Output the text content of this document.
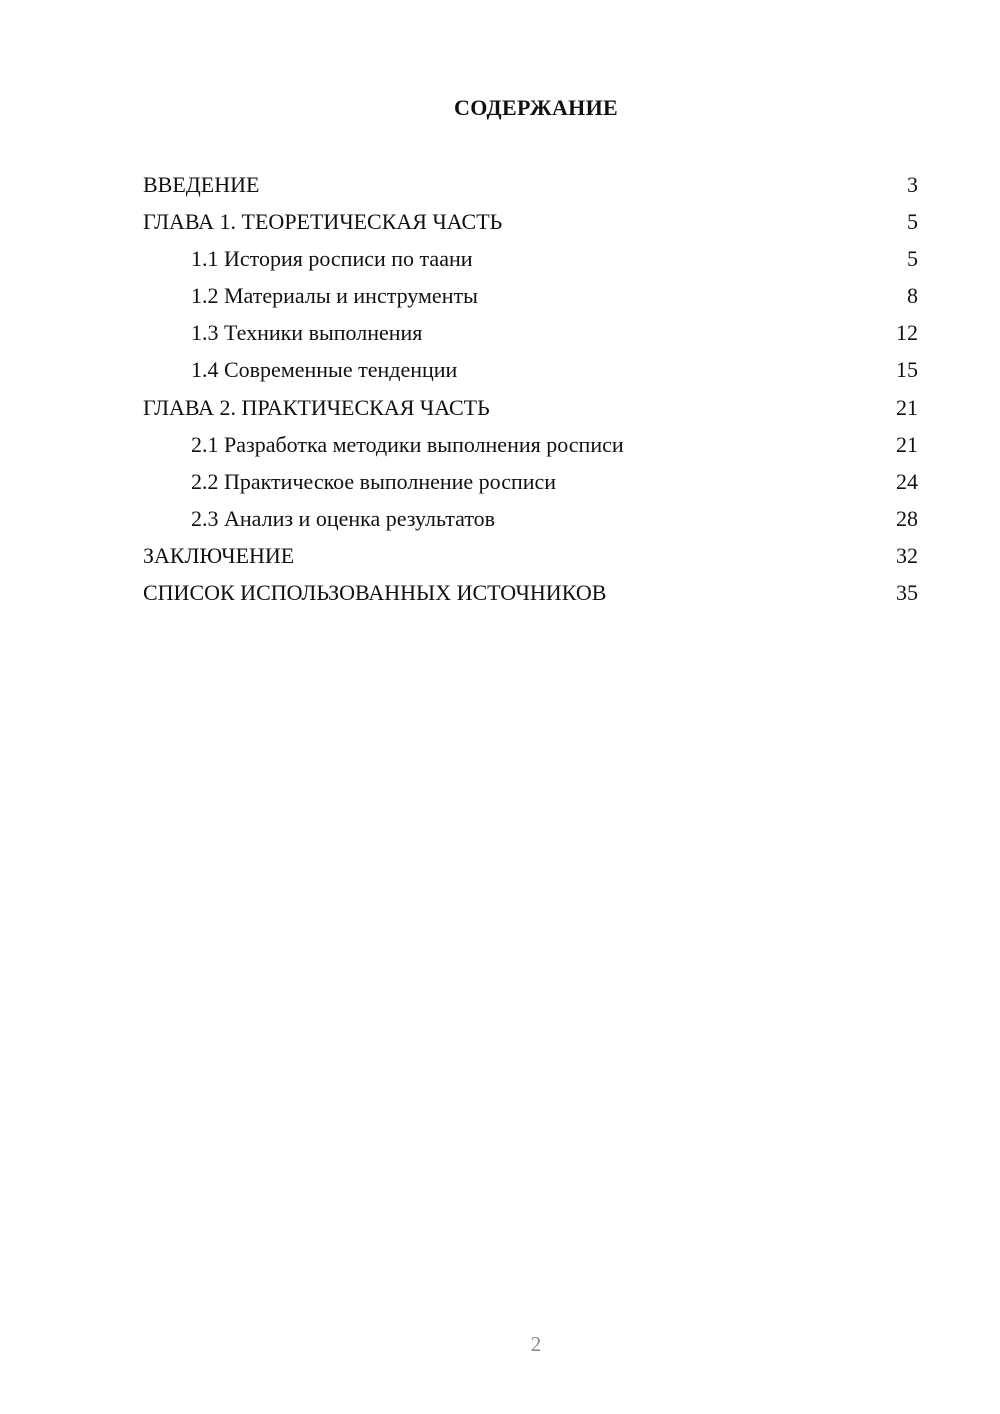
СОДЕРЖАНИЕ
ВВЕДЕНИЕ	3
ГЛАВА 1. ТЕОРЕТИЧЕСКАЯ ЧАСТЬ	5
1.1 История росписи по таани	5
1.2 Материалы и инструменты	8
1.3 Техники выполнения	12
1.4 Современные тенденции	15
ГЛАВА 2. ПРАКТИЧЕСКАЯ ЧАСТЬ	21
2.1 Разработка методики выполнения росписи	21
2.2 Практическое выполнение росписи	24
2.3 Анализ и оценка результатов	28
ЗАКЛЮЧЕНИЕ	32
СПИСОК ИСПОЛЬЗОВАННЫХ ИСТОЧНИКОВ	35
2
